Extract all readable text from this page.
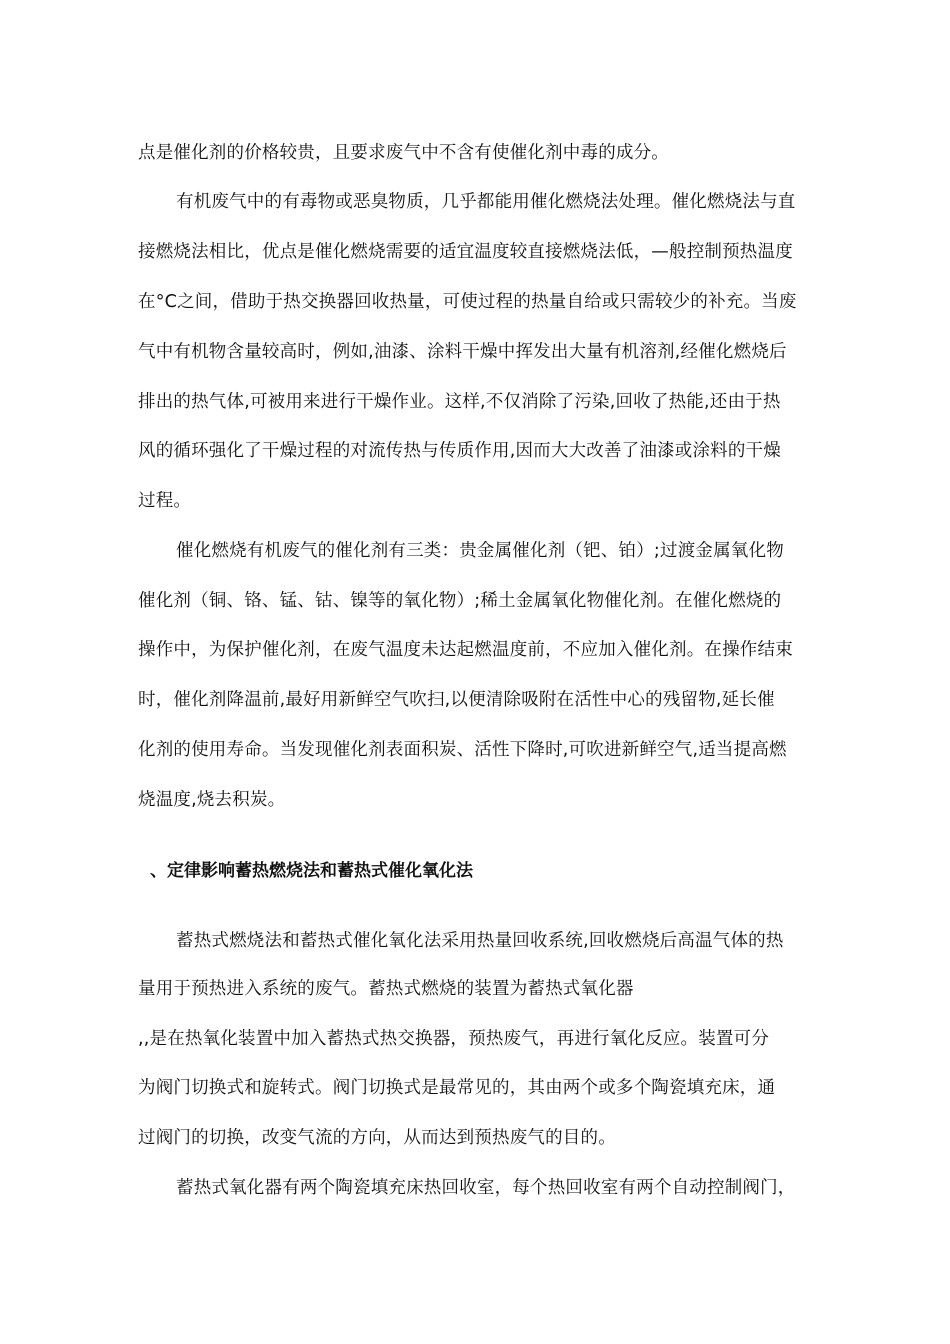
点是催化剂的价格较贵，且要求废气中不含有使催化剂中毒的成分。
有机废气中的有毒物或恶臭物质，几乎都能用催化燃烧法处理。催化燃烧法与直
接燃烧法相比，优点是催化燃烧需要的适宜温度较直接燃烧法低，—般控制预热温度
在°C之间，借助于热交换器回收热量，可使过程的热量自给或只需较少的补充。当废
气中有机物含量较高时，例如,油漆、涂料干燥中挥发出大量有机溶剂,经催化燃烧后
排出的热气体,可被用来进行干燥作业。这样,不仅消除了污染,回收了热能,还由于热
风的循环强化了干燥过程的对流传热与传质作用,因而大大改善了油漆或涂料的干燥
过程。
催化燃烧有机废气的催化剂有三类：贵金属催化剂（钯、铂）;过渡金属氧化物
催化剂（铜、铬、锰、钴、镍等的氧化物）;稀土金属氧化物催化剂。在催化燃烧的
操作中，为保护催化剂，在废气温度未达起燃温度前，不应加入催化剂。在操作结束
时，催化剂降温前,最好用新鲜空气吹扫,以便清除吸附在活性中心的残留物,延长催
化剂的使用寿命。当发现催化剂表面积炭、活性下降时,可吹进新鲜空气,适当提高燃
烧温度,烧去积炭。
、定律影响蓄热燃烧法和蓄热式催化氧化法
蓄热式燃烧法和蓄热式催化氧化法采用热量回收系统,回收燃烧后高温气体的热
量用于预热进入系统的废气。蓄热式燃烧的装置为蓄热式氧化器
,,是在热氧化装置中加入蓄热式热交换器，预热废气，再进行氧化反应。装置可分
为阀门切换式和旋转式。阀门切换式是最常见的，其由两个或多个陶瓷填充床，通
过阀门的切换，改变气流的方向，从而达到预热废气的目的。
蓄热式氧化器有两个陶瓷填充床热回收室，每个热回收室有两个自动控制阀门，
